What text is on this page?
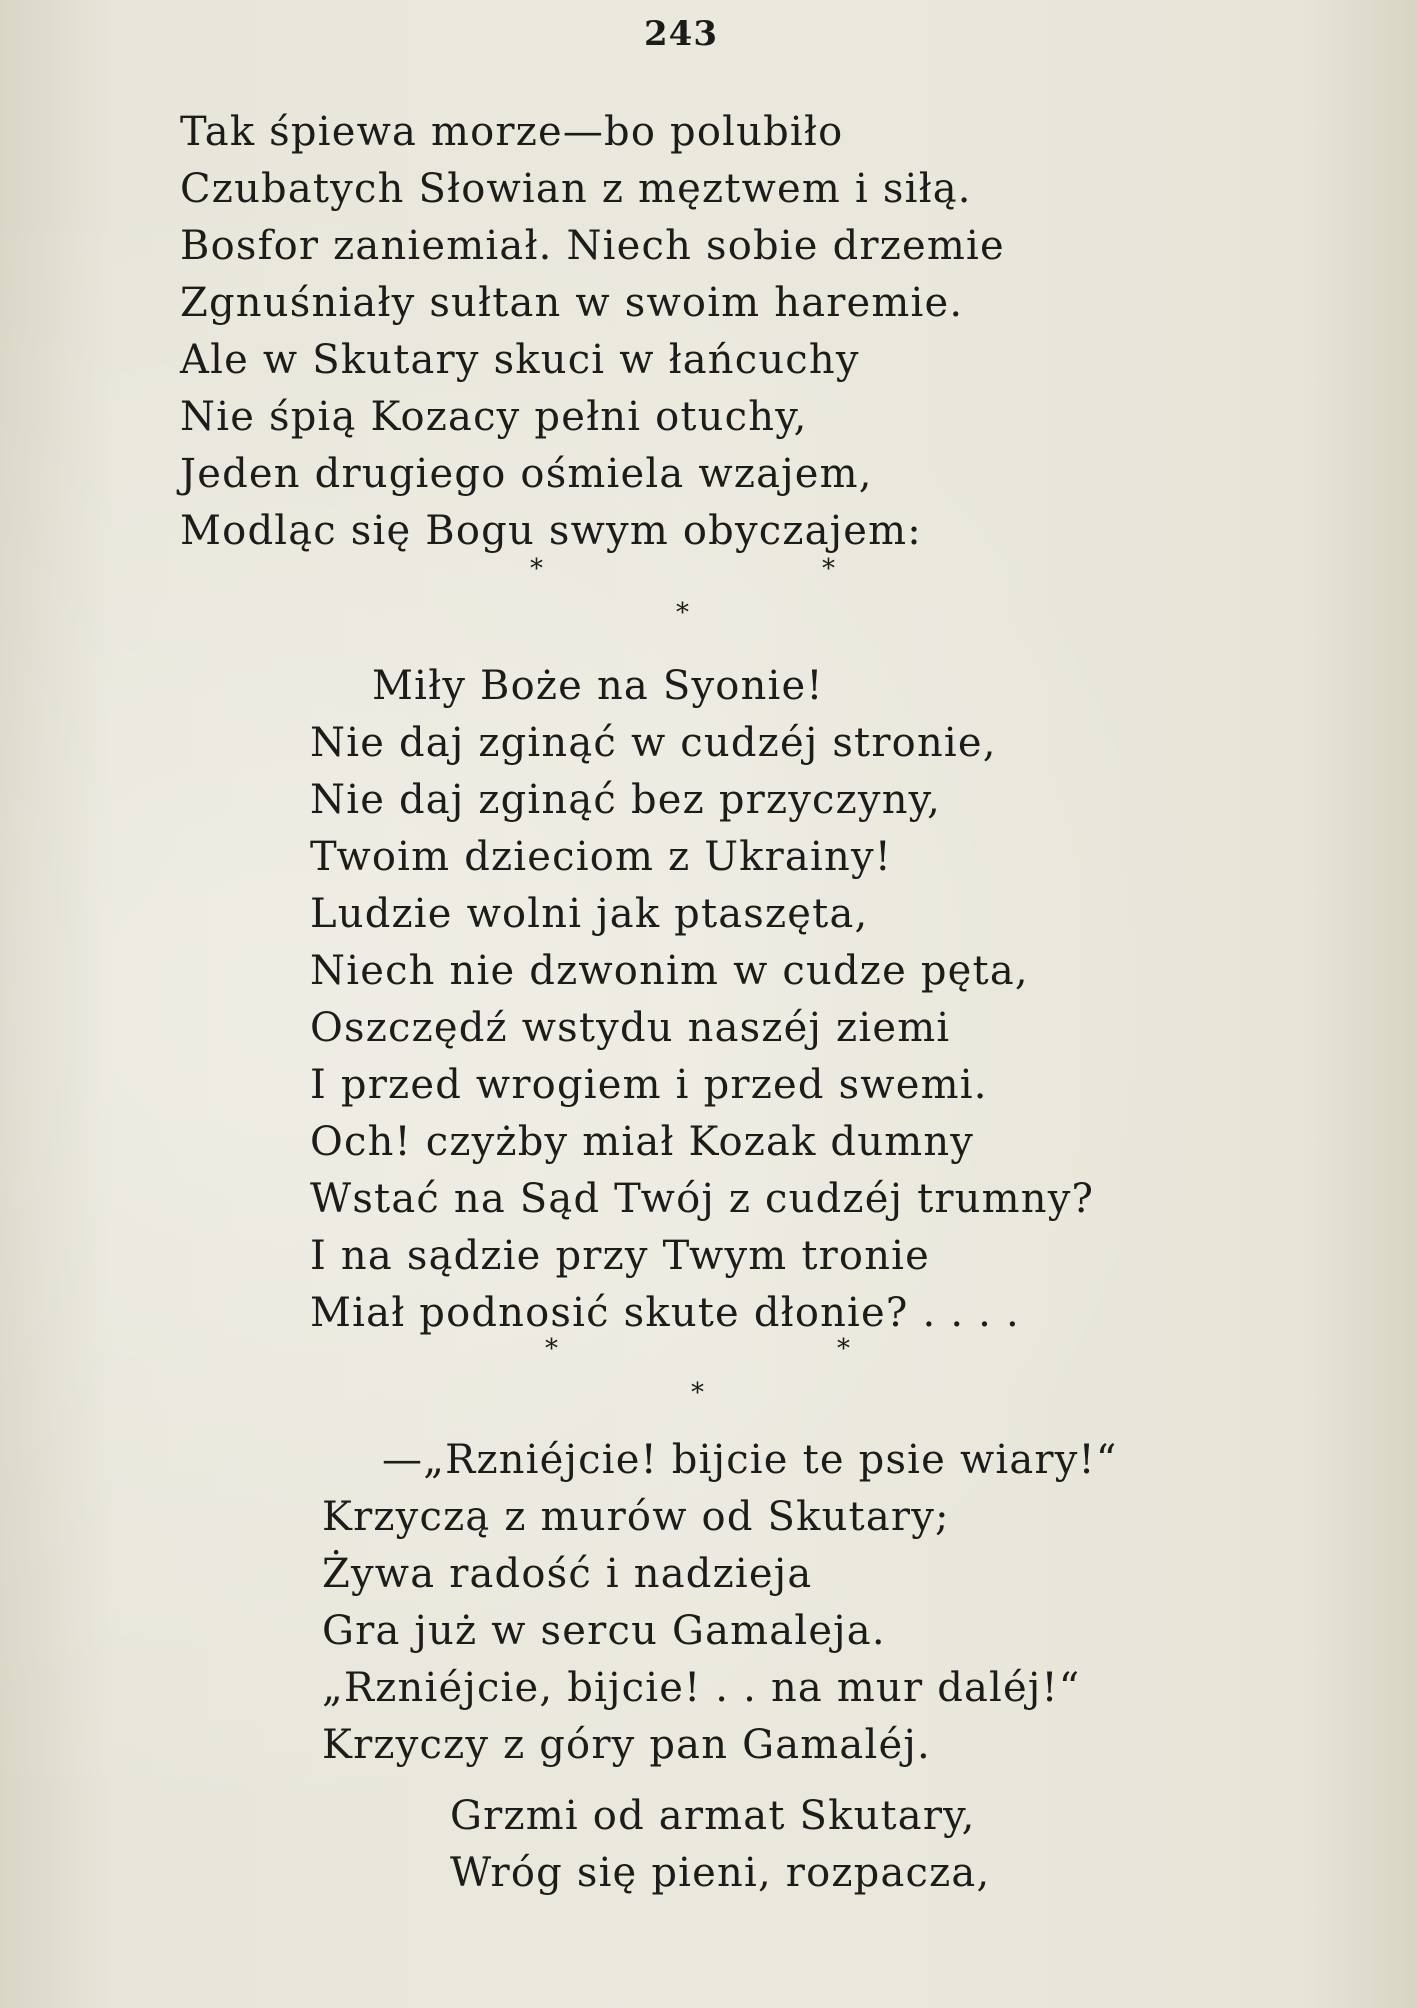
243
Tak śpiewa morze—bo polubiło
Czubatych Słowian z męztwem i siłą.
Bosfor zaniemiał. Niech sobie drzemie
Zgnuśniały sułtan w swoim haremie.
Ale w Skutary skuci w łańcuchy
Nie śpią Kozacy pełni otuchy,
Jeden drugiego ośmiela wzajem,
Modląc się Bogu swym obyczajem:
*	*
*
Miły Boże na Syonie!
Nie daj zginąć w cudzéj stronie,
Nie daj zginąć bez przyczyny,
Twoim dzieciom z Ukrainy!
Ludzie wolni jak ptaszęta,
Niech nie dzwonim w cudze pęta,
Oszczędź wstydu naszéj ziemi
I przed wrogiem i przed swemi.
Och! czyżby miał Kozak dumny
Wstać na Sąd Twój z cudzéj trumny?
I na sądzie przy Twym tronie
Miał podnosić skute dłonie? . . . .
*	*
*
—„Rzniéjcie! bijcie te psie wiary!“
Krzyczą z murów od Skutary;
Żywa radość i nadzieja
Gra już w sercu Gamaleja.
„Rzniéjcie, bijcie! . . na mur daléj!“
Krzyczy z góry pan Gamaléj.
Grzmi od armat Skutary,
Wróg się pieni, rozpacza,
